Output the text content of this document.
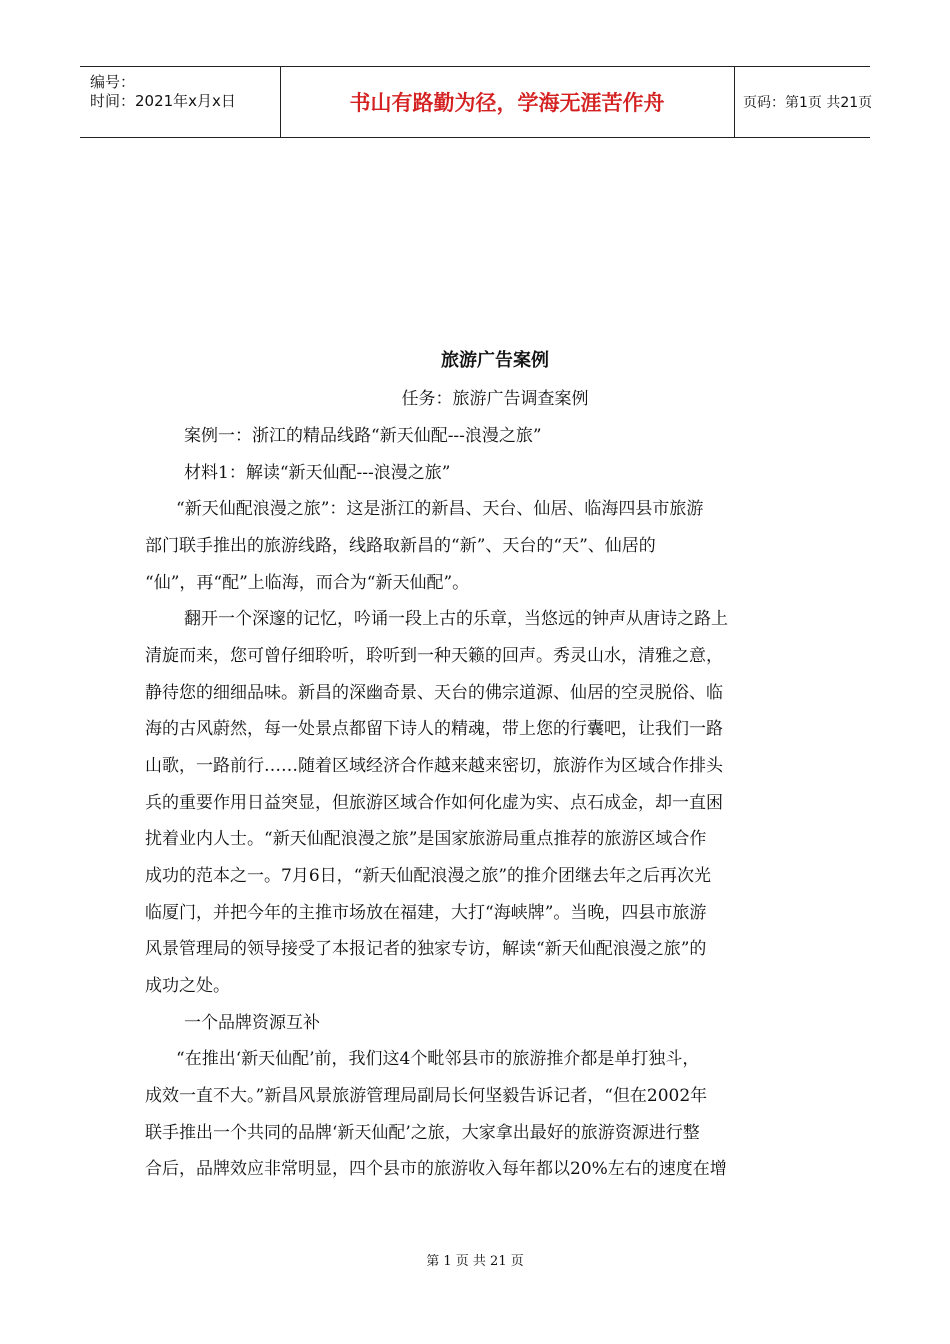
编号：
时间：2021年x月x日	书山有路勤为径，学海无涯苦作舟	页码：第1页 共21页
旅游广告案例
任务：旅游广告调查案例
案例一：浙江的精品线路“新天仙配---浪漫之旅”
材料1：解读“新天仙配---浪漫之旅”
“新天仙配浪漫之旅”：这是浙江的新昌、天台、仙居、临海四县市旅游
部门联手推出的旅游线路，线路取新昌的“新”、天台的“天”、仙居的
“仙”，再“配”上临海，而合为“新天仙配”。
翻开一个深邃的记忆，吟诵一段上古的乐章，当悠远的钟声从唐诗之路上
清旋而来，您可曾仔细聆听，聆听到一种天籁的回声。秀灵山水，清雅之意，
静待您的细细品味。新昌的深幽奇景、天台的佛宗道源、仙居的空灵脱俗、临
海的古风蔚然，每一处景点都留下诗人的精魂，带上您的行囊吧，让我们一路
山歌，一路前行……随着区域经济合作越来越来密切，旅游作为区域合作排头
兵的重要作用日益突显，但旅游区域合作如何化虚为实、点石成金，却一直困
扰着业内人士。“新天仙配浪漫之旅”是国家旅游局重点推荐的旅游区域合作
成功的范本之一。7月6日，“新天仙配浪漫之旅”的推介团继去年之后再次光
临厦门，并把今年的主推市场放在福建，大打“海峡牌”。当晚，四县市旅游
风景管理局的领导接受了本报记者的独家专访，解读“新天仙配浪漫之旅”的
成功之处。
一个品牌资源互补
“在推出‘新天仙配’前，我们这4个毗邻县市的旅游推介都是单打独斗，
成效一直不大。”新昌风景旅游管理局副局长何坚毅告诉记者，“但在2002年
联手推出一个共同的品牌‘新天仙配’之旅，大家拿出最好的旅游资源进行整
合后，品牌效应非常明显，四个县市的旅游收入每年都以20%左右的速度在增
第 1 页 共 21 页
